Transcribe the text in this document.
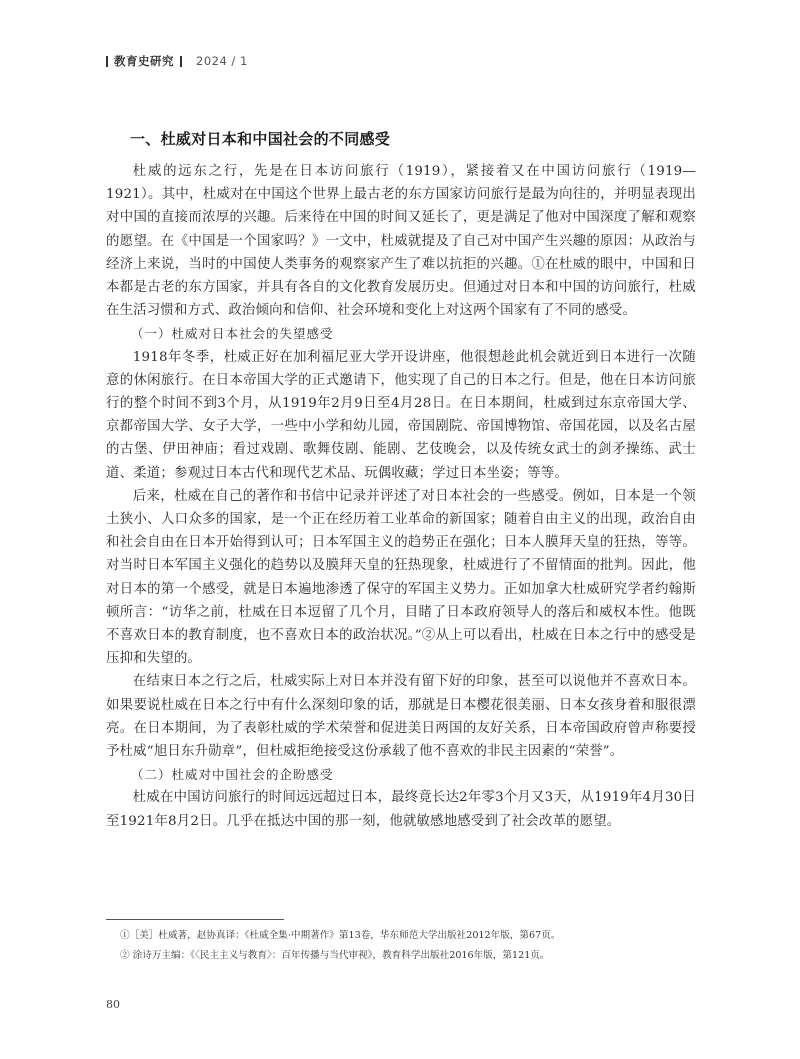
教育史研究 2024 / 1
一、杜威对日本和中国社会的不同感受

杜威的远东之行，先是在日本访问旅行（1919），紧接着又在中国访问旅行（1919—1921）。其中，杜威对在中国这个世界上最古老的东方国家访问旅行是最为向往的，并明显表现出对中国的直接而浓厚的兴趣。后来待在中国的时间又延长了，更是满足了他对中国深度了解和观察的愿望。在《中国是一个国家吗？》一文中，杜威就提及了自己对中国产生兴趣的原因：从政治与经济上来说，当时的中国使人类事务的观察家产生了难以抗拒的兴趣。①在杜威的眼中，中国和日本都是古老的东方国家，并具有各自的文化教育发展历史。但通过对日本和中国的访问旅行，杜威在生活习惯和方式、政治倾向和信仰、社会环境和变化上对这两个国家有了不同的感受。

（一）杜威对日本社会的失望感受

1918年冬季，杜威正好在加利福尼亚大学开设讲座，他很想趁此机会就近到日本进行一次随意的休闲旅行。在日本帝国大学的正式邀请下，他实现了自己的日本之行。但是，他在日本访问旅行的整个时间不到3个月，从1919年2月9日至4月28日。在日本期间，杜威到过东京帝国大学、京都帝国大学、女子大学，一些中小学和幼儿园，帝国剧院、帝国博物馆、帝国花园，以及名古屋的古堡、伊田神庙；看过戏剧、歌舞伎剧、能剧、艺伎晚会，以及传统女武士的剑矛操练、武士道、柔道；参观过日本古代和现代艺术品、玩偶收藏；学过日本坐姿；等等。

后来，杜威在自己的著作和书信中记录并评述了对日本社会的一些感受。例如，日本是一个领土狭小、人口众多的国家，是一个正在经历着工业革命的新国家；随着自由主义的出现，政治自由和社会自由在日本开始得到认可；日本军国主义的趋势正在强化；日本人膜拜天皇的狂热，等等。对当时日本军国主义强化的趋势以及膜拜天皇的狂热现象，杜威进行了不留情面的批判。因此，他对日本的第一个感受，就是日本遍地渗透了保守的军国主义势力。正如加拿大杜威研究学者约翰斯顿所言：“访华之前，杜威在日本逗留了几个月，目睹了日本政府领导人的落后和威权本性。他既不喜欢日本的教育制度，也不喜欢日本的政治状况。”②从上可以看出，杜威在日本之行中的感受是压抑和失望的。

在结束日本之行之后，杜威实际上对日本并没有留下好的印象，甚至可以说他并不喜欢日本。如果要说杜威在日本之行中有什么深刻印象的话，那就是日本樱花很美丽、日本女孩身着和服很漂亮。在日本期间，为了表彰杜威的学术荣誉和促进美日两国的友好关系，日本帝国政府曾声称要授予杜威“旭日东升勋章”，但杜威拒绝接受这份承载了他不喜欢的非民主因素的“荣誉”。

（二）杜威对中国社会的企盼感受

杜威在中国访问旅行的时间远远超过日本，最终竟长达2年零3个月又3天，从1919年4月30日至1921年8月2日。几乎在抵达中国的那一刻，他就敏感地感受到了社会改革的愿望。

①［美］杜威著，赵协真译：《杜威全集·中期著作》第13卷，华东师范大学出版社2012年版，第67页。
② 涂诗万主编：《〈民主主义与教育〉：百年传播与当代审视》，教育科学出版社2016年版，第121页。
80
